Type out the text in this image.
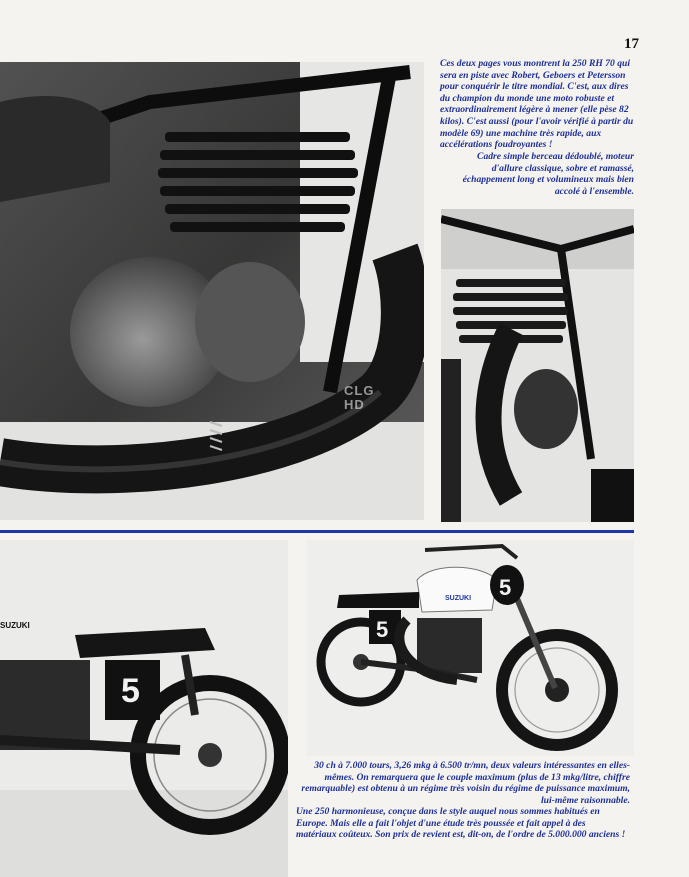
17

Ces deux pages vous montrent la 250 RH 70 qui sera en piste avec Robert, Geboers et Petersson pour conquérir le titre mondial. C'est, aux dires du champion du monde une moto robuste et extraordinairement légère à mener (elle pèse 82 kilos). C'est aussi (pour l'avoir vérifié à partir du modèle 69) une machine très rapide, aux accélérations foudroyantes !

Cadre simple berceau dédoublé, moteur d'allure classique, sobre et ramassé, échappement long et volumineux mais bien accolé à l'ensemble.

CLG
HD
5
SUZUKI
SUZUKI 5
5

30 ch à 7.000 tours, 3,26 mkg à 6.500 tr/mn, deux valeurs intéressantes en elles-mêmes. On remarquera que le couple maximum (plus de 13 mkg/litre, chiffre remarquable) est obtenu à un régime très voisin du régime de puissance maximum, lui-même raisonnable.

Une 250 harmonieuse, conçue dans le style auquel nous sommes habitués en Europe. Mais elle a fait l'objet d'une étude très poussée et fait appel à des matériaux coûteux. Son prix de revient est, dit-on, de l'ordre de 5.000.000 anciens !
